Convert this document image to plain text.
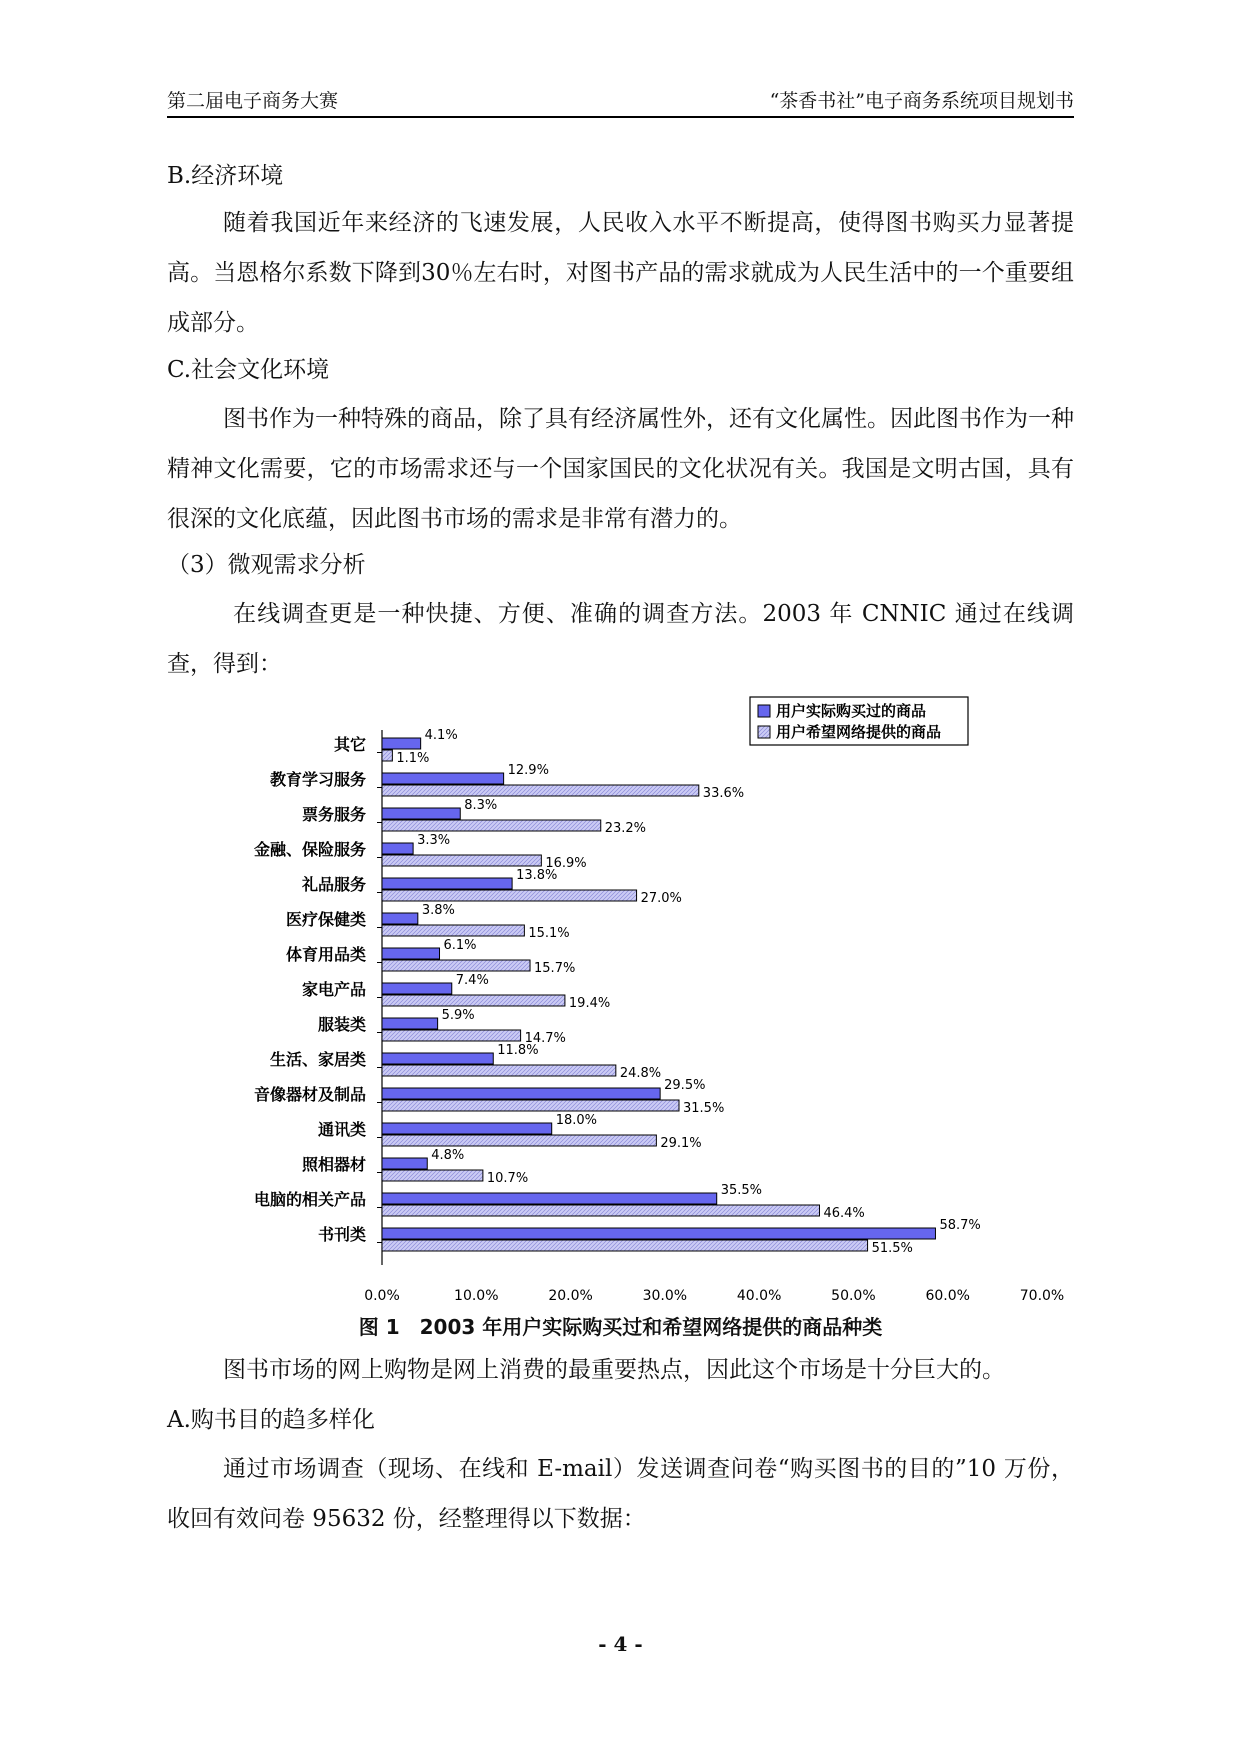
第二届电子商务大赛	“茶香书社”电子商务系统项目规划书
B.经济环境
随着我国近年来经济的飞速发展，人民收入水平不断提高，使得图书购买力显著提高。当恩格尔系数下降到30％左右时，对图书产品的需求就成为人民生活中的一个重要组成部分。
C.社会文化环境
图书作为一种特殊的商品，除了具有经济属性外，还有文化属性。因此图书作为一种精神文化需要，它的市场需求还与一个国家国民的文化状况有关。我国是文明古国，具有很深的文化底蕴，因此图书市场的需求是非常有潜力的。
（3）微观需求分析
在线调查更是一种快捷、方便、准确的调查方法。2003 年 CNNIC 通过在线调查，得到：
其它	4.1%
1.1%
教育学习服务	12.9%
33.6%
票务服务	8.3%
23.2%
金融、保险服务	3.3%
16.9%
礼品服务	13.8%
27.0%
医疗保健类	3.8%
15.1%
体育用品类	6.1%
15.7%
家电产品	7.4%
19.4%
服装类	5.9%
14.7%
生活、家居类	11.8%
24.8%
音像器材及制品	29.5%
31.5%
通讯类	18.0%
29.1%
照相器材	4.8%
10.7%
电脑的相关产品	35.5%
46.4%
书刊类	58.7%
51.5%
0.0%	10.0%	20.0%	30.0%	40.0%	50.0%	60.0%	70.0%
用户实际购买过的商品
用户希望网络提供的商品
图 1　2003 年用户实际购买过和希望网络提供的商品种类
图书市场的网上购物是网上消费的最重要热点，因此这个市场是十分巨大的。
A.购书目的趋多样化
通过市场调查（现场、在线和 E-mail）发送调查问卷“购买图书的目的”10 万份，收回有效问卷 95632 份，经整理得以下数据：
- 4 -
